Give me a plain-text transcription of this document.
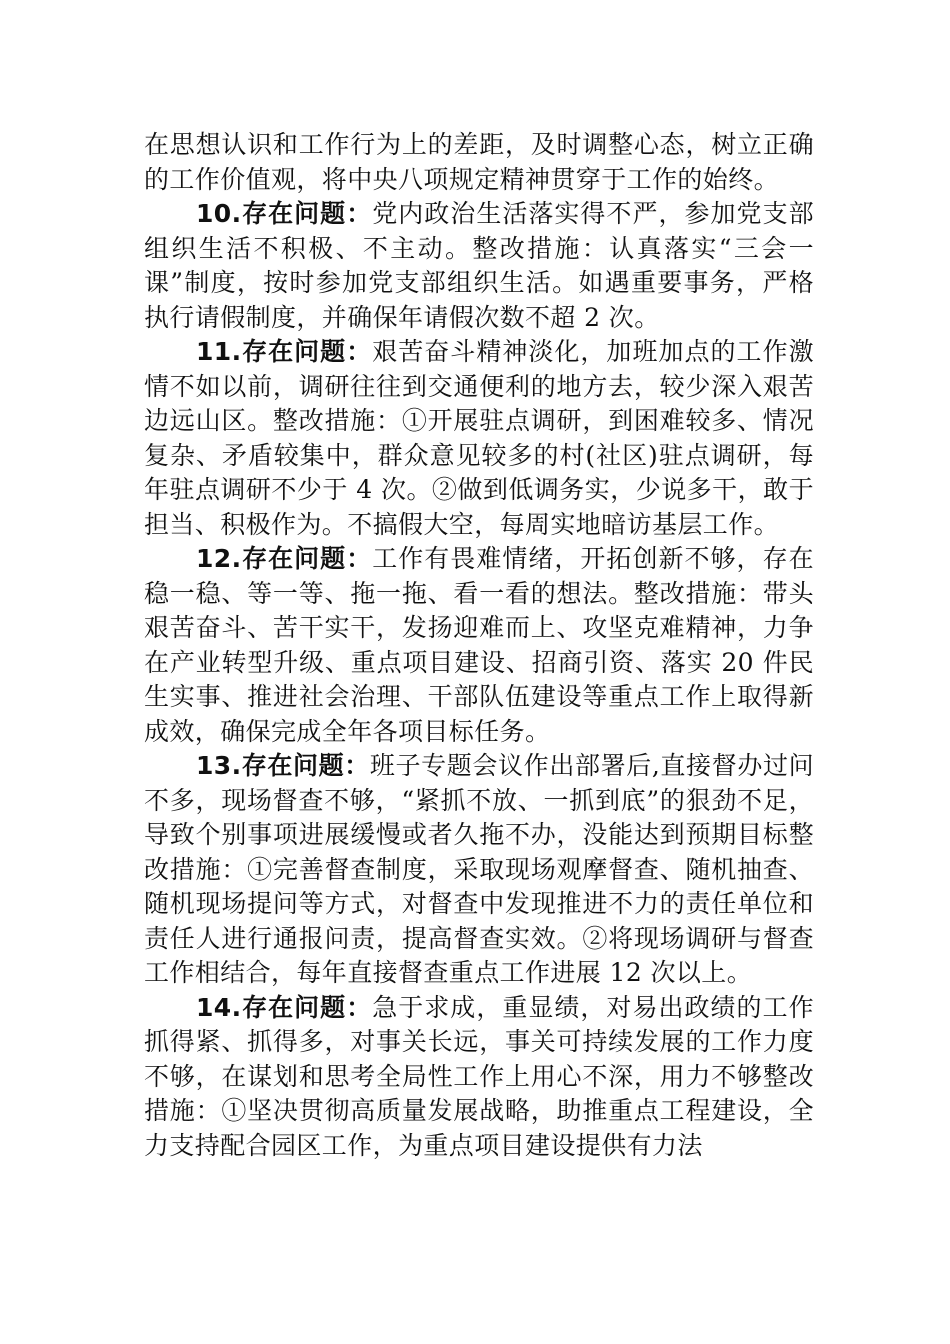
在思想认识和工作行为上的差距，及时调整心态，树立正确的工作价值观，将中央八项规定精神贯穿于工作的始终。

10.存在问题：党内政治生活落实得不严，参加党支部组织生活不积极、不主动。整改措施：认真落实“三会一课”制度，按时参加党支部组织生活。如遇重要事务，严格执行请假制度，并确保年请假次数不超 2 次。

11.存在问题：艰苦奋斗精神淡化，加班加点的工作激情不如以前，调研往往到交通便利的地方去，较少深入艰苦边远山区。整改措施：①开展驻点调研，到困难较多、情况复杂、矛盾较集中，群众意见较多的村(社区)驻点调研，每年驻点调研不少于 4 次。②做到低调务实，少说多干，敢于担当、积极作为。不搞假大空，每周实地暗访基层工作。

12.存在问题：工作有畏难情绪，开拓创新不够，存在稳一稳、等一等、拖一拖、看一看的想法。整改措施：带头艰苦奋斗、苦干实干，发扬迎难而上、攻坚克难精神，力争在产业转型升级、重点项目建设、招商引资、落实 20 件民生实事、推进社会治理、干部队伍建设等重点工作上取得新成效，确保完成全年各项目标任务。

13.存在问题：班子专题会议作出部署后,直接督办过问不多，现场督查不够，“紧抓不放、一抓到底”的狠劲不足，导致个别事项进展缓慢或者久拖不办，没能达到预期目标整改措施：①完善督查制度，采取现场观摩督查、随机抽查、随机现场提问等方式，对督查中发现推进不力的责任单位和责任人进行通报问责，提高督查实效。②将现场调研与督查工作相结合，每年直接督查重点工作进展 12 次以上。

14.存在问题：急于求成，重显绩，对易出政绩的工作抓得紧、抓得多，对事关长远，事关可持续发展的工作力度不够，在谋划和思考全局性工作上用心不深，用力不够整改措施：①坚决贯彻高质量发展战略，助推重点工程建设，全力支持配合园区工作，为重点项目建设提供有力法
